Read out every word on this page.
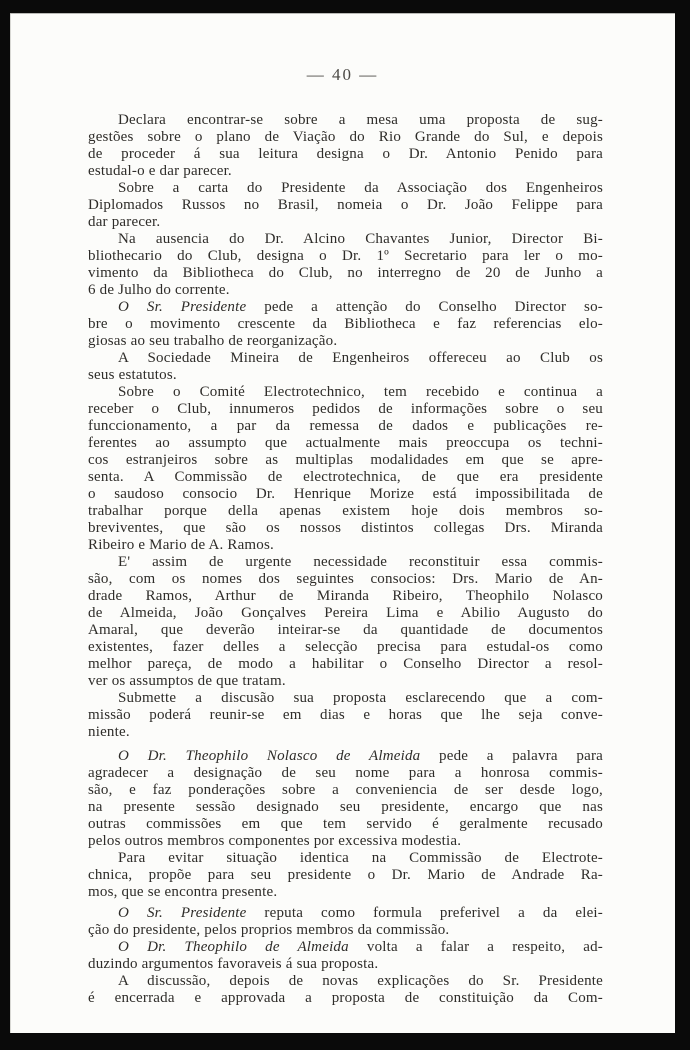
— 40 —

Declara encontrar-se sobre a mesa uma proposta de sug-
gestões sobre o plano de Viação do Rio Grande do Sul, e depois
de proceder á sua leitura designa o Dr. Antonio Penido para
estudal-o e dar parecer.

Sobre a carta do Presidente da Associação dos Engenheiros
Diplomados Russos no Brasil, nomeia o Dr. João Felippe para
dar parecer.

Na ausencia do Dr. Alcino Chavantes Junior, Director Bi-
bliothecario do Club, designa o Dr. 1º Secretario para ler o mo-
vimento da Bibliotheca do Club, no interregno de 20 de Junho a
6 de Julho do corrente.

O Sr. Presidente pede a attenção do Conselho Director so-
bre o movimento crescente da Bibliotheca e faz referencias elo-
giosas ao seu trabalho de reorganização.

A Sociedade Mineira de Engenheiros offereceu ao Club os
seus estatutos.

Sobre o Comité Electrotechnico, tem recebido e continua a
receber o Club, innumeros pedidos de informações sobre o seu
funccionamento, a par da remessa de dados e publicações re-
ferentes ao assumpto que actualmente mais preoccupa os techni-
cos estranjeiros sobre as multiplas modalidades em que se apre-
senta. A Commissão de electrotechnica, de que era presidente
o saudoso consocio Dr. Henrique Morize está impossibilitada de
trabalhar porque della apenas existem hoje dois membros so-
breviventes, que são os nossos distintos collegas Drs. Miranda
Ribeiro e Mario de A. Ramos.

E' assim de urgente necessidade reconstituir essa commis-
são, com os nomes dos seguintes consocios: Drs. Mario de An-
drade Ramos, Arthur de Miranda Ribeiro, Theophilo Nolasco
de Almeida, João Gonçalves Pereira Lima e Abilio Augusto do
Amaral, que deverão inteirar-se da quantidade de documentos
existentes, fazer delles a selecção precisa para estudal-os como
melhor pareça, de modo a habilitar o Conselho Director a resol-
ver os assumptos de que tratam.

Submette a discusão sua proposta esclarecendo que a com-
missão poderá reunir-se em dias e horas que lhe seja conve-
niente.

O Dr. Theophilo Nolasco de Almeida pede a palavra para
agradecer a designação de seu nome para a honrosa commis-
são, e faz ponderações sobre a conveniencia de ser desde logo,
na presente sessão designado seu presidente, encargo que nas
outras commissões em que tem servido é geralmente recusado
pelos outros membros componentes por excessiva modestia.

Para evitar situação identica na Commissão de Electrote-
chnica, propõe para seu presidente o Dr. Mario de Andrade Ra-
mos, que se encontra presente.

O Sr. Presidente reputa como formula preferivel a da elei-
ção do presidente, pelos proprios membros da commissão.

O Dr. Theophilo de Almeida volta a falar a respeito, ad-
duzindo argumentos favoraveis á sua proposta.

A discussão, depois de novas explicações do Sr. Presidente
é encerrada e approvada a proposta de constituição da Com-
